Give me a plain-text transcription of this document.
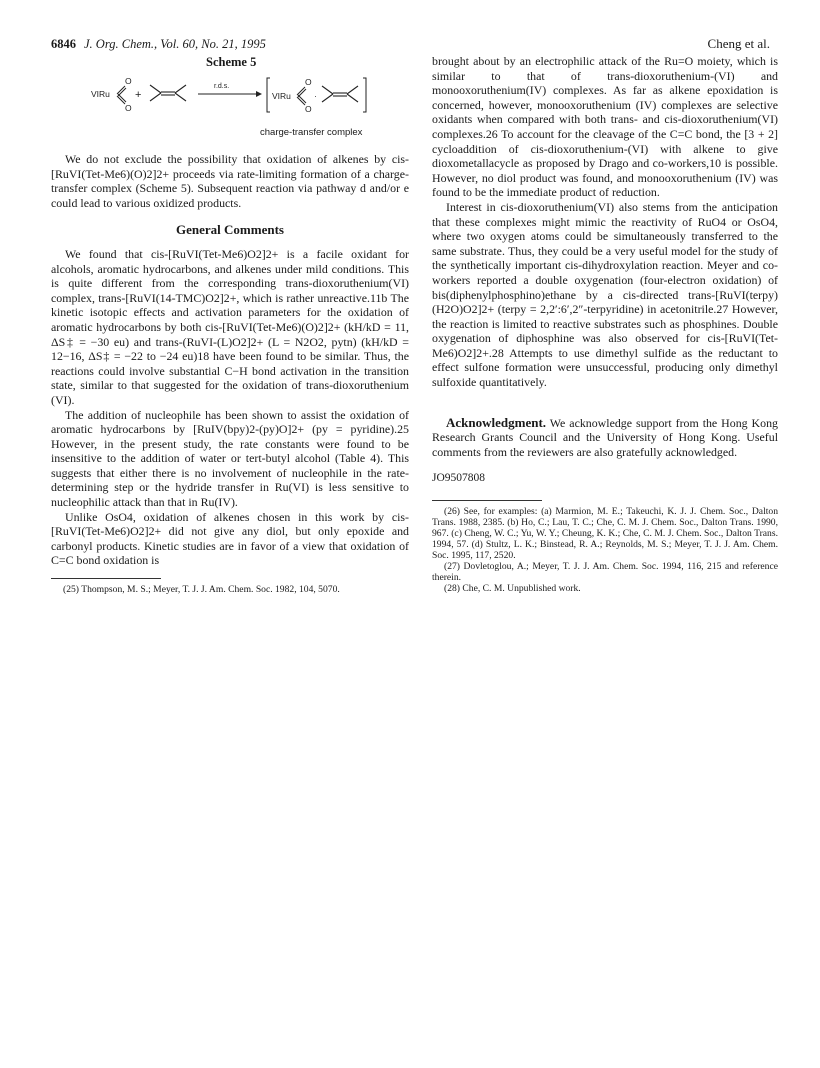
6846 J. Org. Chem., Vol. 60, No. 21, 1995	Cheng et al.
Scheme 5
VIRu
O
O
+
r.d.s.
VIRu
O
O
·
charge-transfer complex

We do not exclude the possibility that oxidation of alkenes by cis-[RuVI(Tet-Me6)(O)2]2+ proceeds via rate-limiting formation of a charge-transfer complex (Scheme 5). Subsequent reaction via pathway d and/or e could lead to various oxidized products.

General Comments

We found that cis-[RuVI(Tet-Me6)O2]2+ is a facile oxidant for alcohols, aromatic hydrocarbons, and alkenes under mild conditions. This is quite different from the corresponding trans-dioxoruthenium(VI) complex, trans-[RuVI(14-TMC)O2]2+, which is rather unreactive.11b The kinetic isotopic effects and activation parameters for the oxidation of aromatic hydrocarbons by both cis-[RuVI(Tet-Me6)(O)2]2+ (kH/kD = 11, ΔS‡ = −30 eu) and trans-(RuVI-(L)O2]2+ (L = N2O2, pytn) (kH/kD = 12−16, ΔS‡ = −22 to −24 eu)18 have been found to be similar. Thus, the reactions could involve substantial C−H bond activation in the transition state, similar to that suggested for the oxidation of trans-dioxoruthenium (VI).

The addition of nucleophile has been shown to assist the oxidation of aromatic hydrocarbons by [RuIV(bpy)2-(py)O]2+ (py = pyridine).25 However, in the present study, the rate constants were found to be insensitive to the addition of water or tert-butyl alcohol (Table 4). This suggests that either there is no involvement of nucleophile in the rate-determining step or the hydride transfer in Ru(VI) is less sensitive to nucleophilic attack than that in Ru(IV).

Unlike OsO4, oxidation of alkenes chosen in this work by cis-[RuVI(Tet-Me6)O2]2+ did not give any diol, but only epoxide and carbonyl products. Kinetic studies are in favor of a view that oxidation of C=C bond oxidation is

(25) Thompson, M. S.; Meyer, T. J. J. Am. Chem. Soc. 1982, 104, 5070.

brought about by an electrophilic attack of the Ru=O moiety, which is similar to that of trans-dioxoruthenium-(VI) and monooxoruthenium(IV) complexes. As far as alkene epoxidation is concerned, however, monooxoruthenium (IV) complexes are selective oxidants when compared with both trans- and cis-dioxoruthenium(VI) complexes.26 To account for the cleavage of the C=C bond, the [3 + 2] cycloaddition of cis-dioxoruthenium-(VI) with alkene to give dioxometallacycle as proposed by Drago and co-workers,10 is possible. However, no diol product was found, and monooxoruthenium (IV) was found to be the immediate product of reduction.

Interest in cis-dioxoruthenium(VI) also stems from the anticipation that these complexes might mimic the reactivity of RuO4 or OsO4, where two oxygen atoms could be simultaneously transferred to the same substrate. Thus, they could be a very useful model for the study of the synthetically important cis-dihydroxylation reaction. Meyer and co-workers reported a double oxygenation (four-electron oxidation) of bis(diphenylphosphino)ethane by a cis-directed trans-[RuVI(terpy)(H2O)O2]2+ (terpy = 2,2′:6′,2″-terpyridine) in acetonitrile.27 However, the reaction is limited to reactive substrates such as phosphines. Double oxygenation of diphosphine was also observed for cis-[RuVI(Tet-Me6)O2]2+.28 Attempts to use dimethyl sulfide as the reductant to effect sulfone formation were unsuccessful, producing only dimethyl sulfoxide quantitatively.

Acknowledgment. We acknowledge support from the Hong Kong Research Grants Council and the University of Hong Kong. Useful comments from the reviewers are also gratefully acknowledged.

JO9507808

(26) See, for examples: (a) Marmion, M. E.; Takeuchi, K. J. J. Chem. Soc., Dalton Trans. 1988, 2385. (b) Ho, C.; Lau, T. C.; Che, C. M. J. Chem. Soc., Dalton Trans. 1990, 967. (c) Cheng, W. C.; Yu, W. Y.; Cheung, K. K.; Che, C. M. J. Chem. Soc., Dalton Trans. 1994, 57. (d) Stultz, L. K.; Binstead, R. A.; Reynolds, M. S.; Meyer, T. J. J. Am. Chem. Soc. 1995, 117, 2520.

(27) Dovletoglou, A.; Meyer, T. J. J. Am. Chem. Soc. 1994, 116, 215 and reference therein.

(28) Che, C. M. Unpublished work.
